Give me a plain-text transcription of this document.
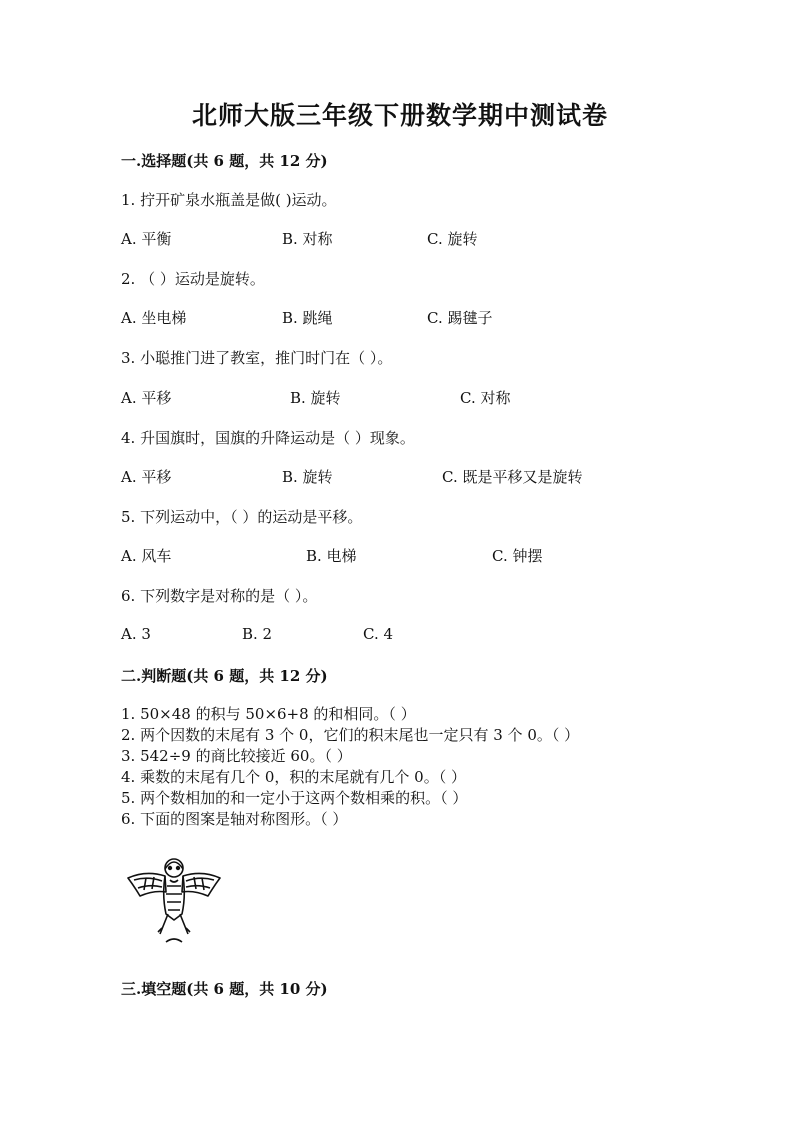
北师大版三年级下册数学期中测试卷
一.选择题(共 6 题，共 12 分)
1. 拧开矿泉水瓶盖是做( )运动。
A. 平衡	B. 对称	C. 旋转
2. （ ）运动是旋转。
A. 坐电梯	B. 跳绳	C. 踢毽子
3. 小聪推门进了教室，推门时门在（ ）。
A. 平移	B. 旋转	C. 对称
4. 升国旗时，国旗的升降运动是（ ）现象。
A. 平移	B. 旋转	C. 既是平移又是旋转
5. 下列运动中，（ ）的运动是平移。
A. 风车	B. 电梯	C. 钟摆
6. 下列数字是对称的是（ ）。
A. 3	B. 2	C. 4
二.判断题(共 6 题，共 12 分)
1. 50×48 的积与 50×6+8 的和相同。（ ）
2. 两个因数的末尾有 3 个 0，它们的积末尾也一定只有 3 个 0。（ ）
3. 542÷9 的商比较接近 60。（ ）
4. 乘数的末尾有几个 0，积的末尾就有几个 0。（ ）
5. 两个数相加的和一定小于这两个数相乘的积。（ ）
6. 下面的图案是轴对称图形。（ ）
三.填空题(共 6 题，共 10 分)
